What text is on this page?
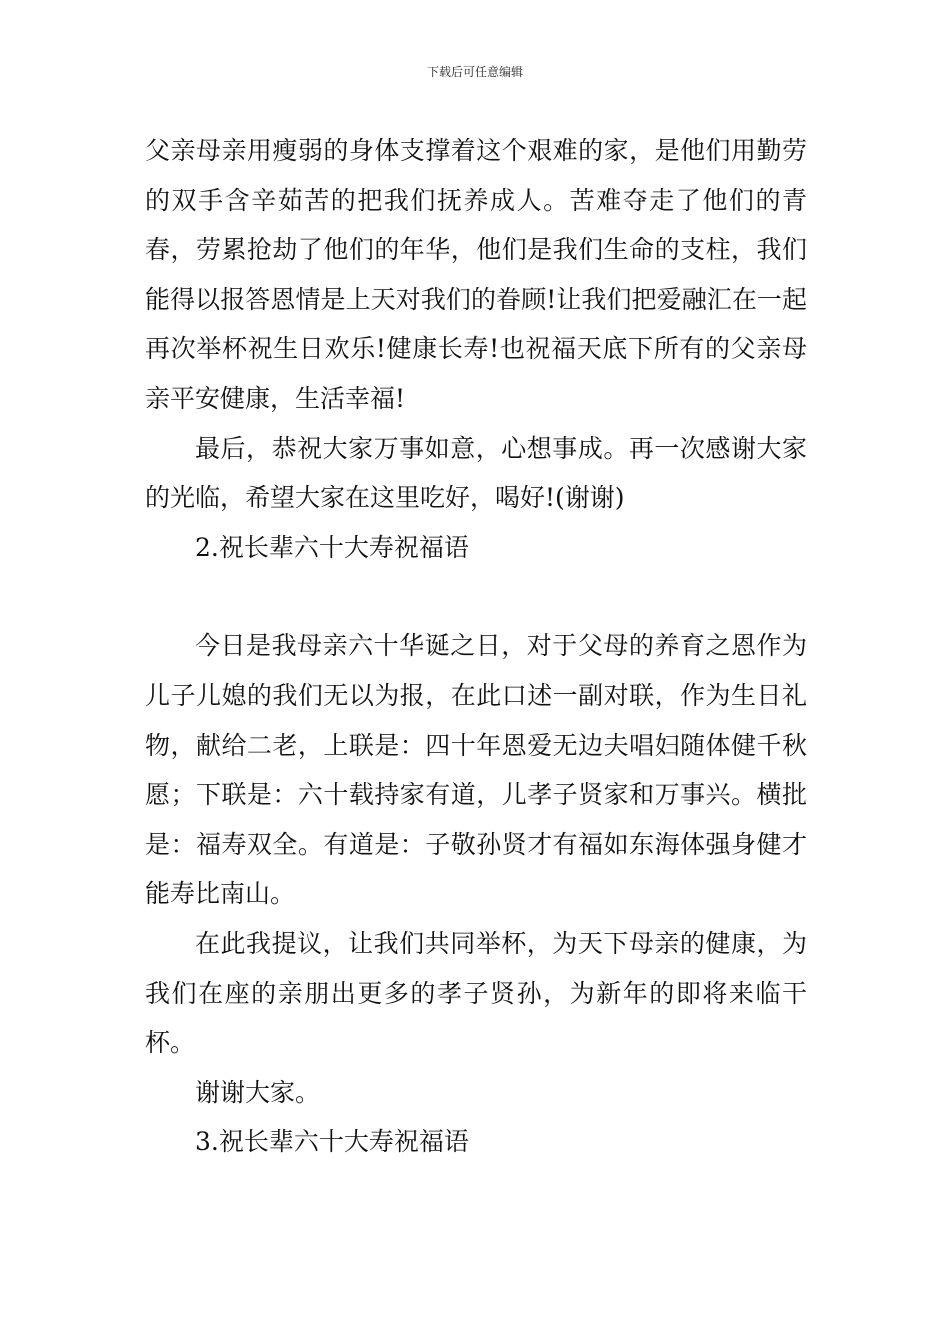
下载后可任意编辑

父亲母亲用瘦弱的身体支撑着这个艰难的家，是他们用勤劳的双手含辛茹苦的把我们抚养成人。苦难夺走了他们的青春，劳累抢劫了他们的年华，他们是我们生命的支柱，我们能得以报答恩情是上天对我们的眷顾!让我们把爱融汇在一起再次举杯祝生日欢乐!健康长寿!也祝福天底下所有的父亲母亲平安健康，生活幸福!

最后，恭祝大家万事如意，心想事成。再一次感谢大家的光临，希望大家在这里吃好，喝好!(谢谢)

2.祝长辈六十大寿祝福语

今日是我母亲六十华诞之日，对于父母的养育之恩作为儿子儿媳的我们无以为报，在此口述一副对联，作为生日礼物，献给二老，上联是：四十年恩爱无边夫唱妇随体健千秋愿；下联是：六十载持家有道，儿孝子贤家和万事兴。横批是：福寿双全。有道是：子敬孙贤才有福如东海体强身健才能寿比南山。

在此我提议，让我们共同举杯，为天下母亲的健康，为我们在座的亲朋出更多的孝子贤孙，为新年的即将来临干杯。

谢谢大家。

3.祝长辈六十大寿祝福语
